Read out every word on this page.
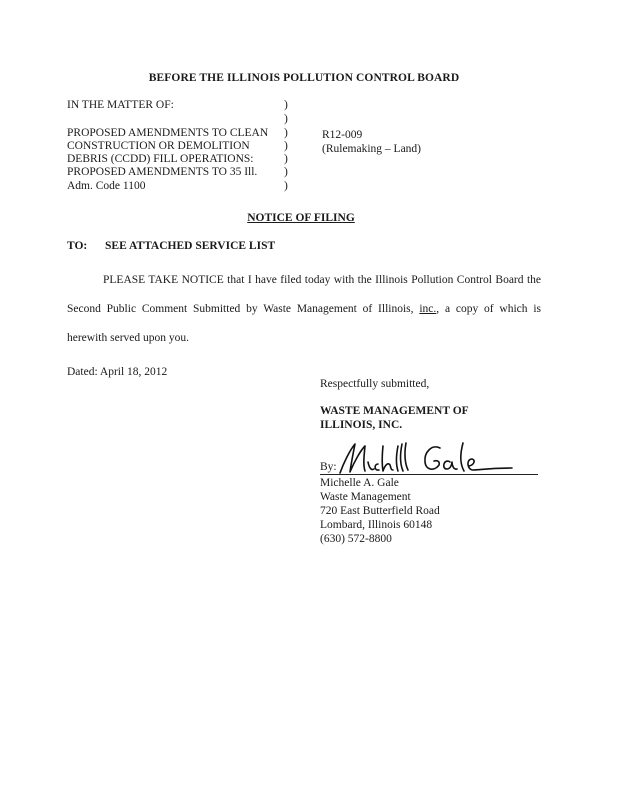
BEFORE THE ILLINOIS POLLUTION CONTROL BOARD
IN THE MATTER OF:	)
)
PROPOSED AMENDMENTS TO CLEAN
CONSTRUCTION OR DEMOLITION
DEBRIS (CCDD) FILL OPERATIONS:
PROPOSED AMENDMENTS TO 35 Ill.
Adm. Code 1100
)
)
)
)
)
R12-009
(Rulemaking – Land)
NOTICE OF FILING
TO: SEE ATTACHED SERVICE LIST
PLEASE TAKE NOTICE that I have filed today with the Illinois Pollution Control Board the Second Public Comment Submitted by Waste Management of Illinois, inc., a copy of which is herewith served upon you.
Dated: April 18, 2012
Respectfully submitted,
WASTE MANAGEMENT OF
ILLINOIS, INC.
By:
Michelle A. Gale
Waste Management
720 East Butterfield Road
Lombard, Illinois 60148
(630) 572-8800
